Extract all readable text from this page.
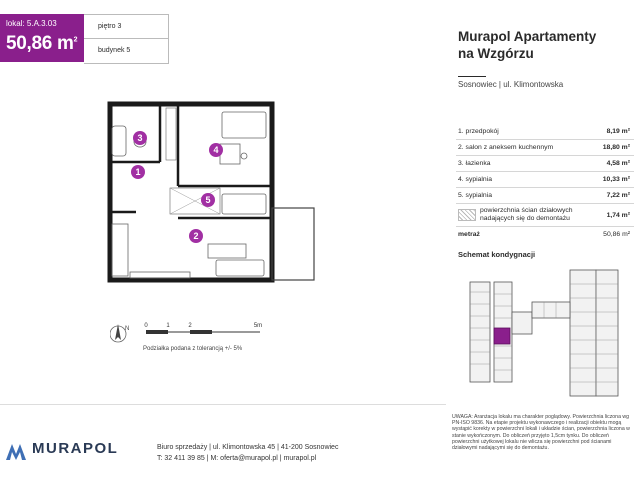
lokal: 5.A.3.03
50,86 $m^2$
piętro 3
budynek 5
Murapol Apartamenty
na Wzgórzu
Sosnowiec | ul. Klimontowska
1. przedpokój	8,19 m²
2. salon z aneksem kuchennym	18,80 m²
3. łazienka	4,58 m²
4. sypialnia	10,33 m²
5. sypialnia	7,22 m²
powierzchnia ścian działowych nadających się do demontażu	1,74 m²
metraż	50,86 m²
Schemat kondygnacji
UWAGA: Aranżacja lokalu ma charakter poglądowy. Powierzchnia liczona wg PN-ISO 9836. Na etapie projektu wykonawczego i realizacji obiektu mogą wystąpić korekty w powierzchni lokali i układzie ścian, powierzchnia liczona w stanie wykończonym. Do obliczeń przyjęto 1,5cm tynku. Do obliczeń powierzchni użytkowej lokalu nie wlicza się powierzchni pod ścianami działowymi nadającymi się do demontażu.
1
2
3
4
5
N 0	1	2	5m
Podziałka podana z tolerancją +/- 5%
MURAPOL	Biuro sprzedaży | ul. Klimontowska 45 | 41-200 Sosnowiec
T: 32 411 39 85 | M: oferta@murapol.pl | murapol.pl
